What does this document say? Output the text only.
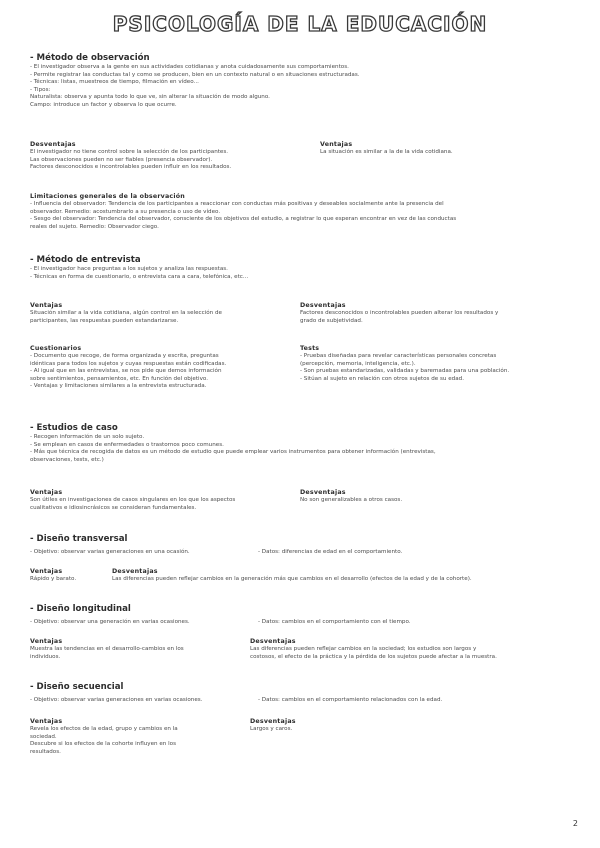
PSICOLOGÍA DE LA EDUCACIÓN
- Método de observación
- El investigador observa a la gente en sus actividades cotidianas y anota cuidadosamente sus comportamientos.
- Permite registrar las conductas tal y como se producen, bien en un contexto natural o en situaciones estructuradas.
- Técnicas: listas, muestreos de tiempo, filmación en vídeo...
- Tipos:
Naturalista: observa y apunta todo lo que ve, sin alterar la situación de modo alguno.
Campo: introduce un factor y observa lo que ocurre.
Desventajas
El investigador no tiene control sobre la selección de los participantes.
Las observaciones pueden no ser fiables (presencia observador).
Factores desconocidos e incontrolables pueden influir en los resultados.
Ventajas
La situación es similar a la de la vida cotidiana.
Limitaciones generales de la observación
- Influencia del observador: Tendencia de los participantes a reaccionar con conductas más positivas y deseables socialmente ante la presencia del
observador. Remedio: acostumbrarlo a su presencia o uso de vídeo.
- Sesgo del observador: Tendencia del observador, consciente de los objetivos del estudio, a registrar lo que esperan encontrar en vez de las conductas
reales del sujeto. Remedio: Observador ciego.
- Método de entrevista
- El investigador hace preguntas a los sujetos y analiza las respuestas.
- Técnicas en forma de cuestionario, o entrevista cara a cara, telefónica, etc...
Ventajas
Situación similar a la vida cotidiana, algún control en la selección de
participantes, las respuestas pueden estandarizarse.
Desventajas
Factores desconocidos o incontrolables pueden alterar los resultados y
grado de subjetividad.
Cuestionarios
- Documento que recoge, de forma organizada y escrita, preguntas
idénticas para todos los sujetos y cuyas respuestas están codificadas.
- Al igual que en las entrevistas, se nos pide que demos información
sobre sentimientos, pensamientos, etc. En función del objetivo.
- Ventajas y limitaciones similares a la entrevista estructurada.
Tests
- Pruebas diseñadas para revelar características personales concretas
(percepción, memoria, inteligencia, etc.).
- Son pruebas estandarizadas, validadas y baremadas para una población.
- Sitúan al sujeto en relación con otros sujetos de su edad.
- Estudios de caso
- Recogen información de un solo sujeto.
- Se emplean en casos de enfermedades o trastornos poco comunes.
- Más que técnica de recogida de datos es un método de estudio que puede emplear varios instrumentos para obtener información (entrevistas,
observaciones, tests, etc.)
Ventajas
Son útiles en investigaciones de casos singulares en los que los aspectos
cualitativos e idiosincrásicos se consideran fundamentales.
Desventajas
No son generalizables a otros casos.
- Diseño transversal
- Objetivo: observar varias generaciones en una ocasión.	- Datos: diferencias de edad en el comportamiento.
Ventajas
Rápido y barato.
Desventajas
Las diferencias pueden reflejar cambios en la generación más que cambios en el desarrollo (efectos de la edad y de la cohorte).
- Diseño longitudinal
- Objetivo: observar una generación en varias ocasiones.	- Datos: cambios en el comportamiento con el tiempo.
Ventajas
Muestra las tendencias en el desarrollo-cambios en los
individuos.
Desventajas
Las diferencias pueden reflejar cambios en la sociedad; los estudios son largos y
costosos, el efecto de la práctica y la pérdida de los sujetos puede afectar a la muestra.
- Diseño secuencial
- Objetivo: observar varias generaciones en varias ocasiones.	- Datos: cambios en el comportamiento relacionados con la edad.
Ventajas
Revela los efectos de la edad, grupo y cambios en la
sociedad.
Descubre si los efectos de la cohorte influyen en los
resultados.
Desventajas
Largos y caros.
2
